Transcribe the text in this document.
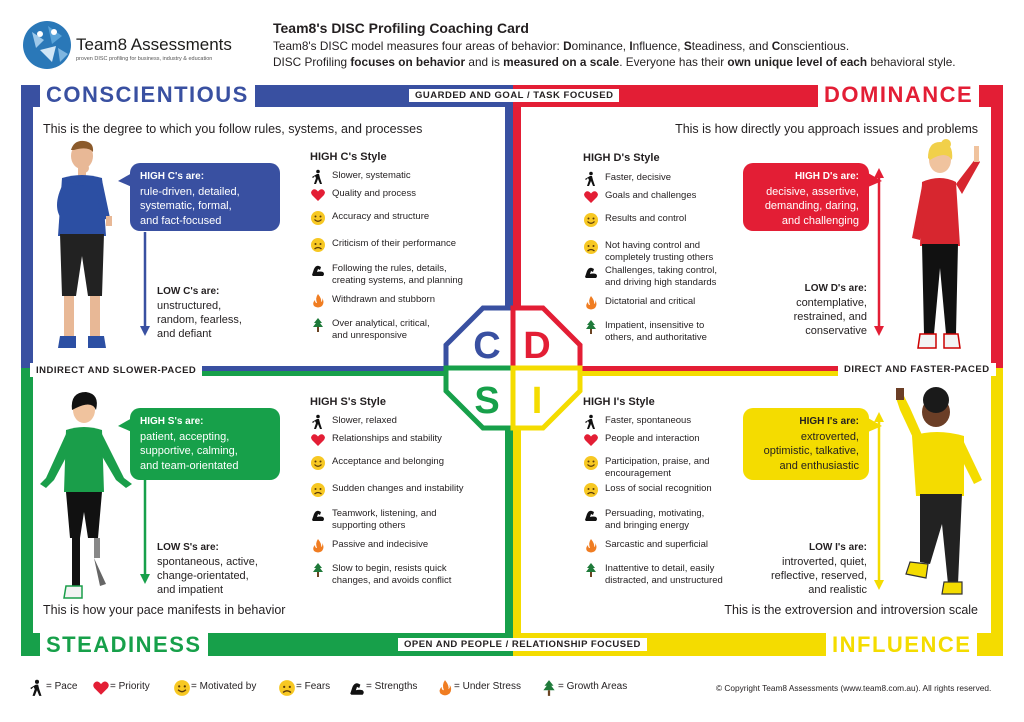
Team8 Assessments
proven DISC profiling for business, industry & education
Team8's DISC Profiling Coaching Card
Team8's DISC model measures four areas of behavior: Dominance, Influence, Steadiness, and Conscientious.
DISC Profiling focuses on behavior and is measured on a scale. Everyone has their own unique level of each behavioral style.
CONSCIENTIOUS	DOMINANCE
STEADINESS	INFLUENCE
GUARDED AND GOAL / TASK FOCUSED
INDIRECT AND SLOWER-PACED	DIRECT AND FASTER-PACED
OPEN AND PEOPLE / RELATIONSHIP FOCUSED
This is the degree to which you follow rules, systems, and processes	This is how directly you approach issues and problems
This is how your pace manifests in behavior	This is the extroversion and introversion scale
HIGH C's are:
rule-driven, detailed,
systematic, formal,
and fact-focused
HIGH D's are:
decisive, assertive,
demanding, daring,
and challenging
HIGH S's are:
patient, accepting,
supportive, calming,
and team-orientated
HIGH I's are:
extroverted,
optimistic, talkative,
and enthusiastic
LOW C's are:
unstructured,
random, fearless,
and defiant
LOW D's are:
contemplative,
restrained, and
conservative
LOW S's are:
spontaneous, active,
change-orientated,
and impatient
LOW I's are:
introverted, quiet,
reflective, reserved,
and realistic
HIGH C's Style	HIGH D's Style
HIGH S's Style	HIGH I's Style
Slower, systematic
Quality and process
Accuracy and structure
Criticism of their performance
Following the rules, details,
creating systems, and planning
Withdrawn and stubborn
Over analytical, critical,
and unresponsive
Faster, decisive
Goals and challenges
Results and control
Not having control and
completely trusting others
Challenges, taking control,
and driving high standards
Dictatorial and critical
Impatient, insensitive to
others, and authoritative
Slower, relaxed
Relationships and stability
Acceptance and belonging
Sudden changes and instability
Teamwork, listening, and
supporting others
Passive and indecisive
Slow to begin, resists quick
changes, and avoids conflict
Faster, spontaneous
People and interaction
Participation, praise, and
encouragement
Loss of social recognition
Persuading, motivating,
and bringing energy
Sarcastic and superficial
Inattentive to detail, easily
distracted, and unstructured
C D
S I
= Pace	= Priority	= Motivated by	= Fears	= Strengths	= Under Stress	= Growth Areas	© Copyright Team8 Assessments (www.team8.com.au). All rights reserved.
